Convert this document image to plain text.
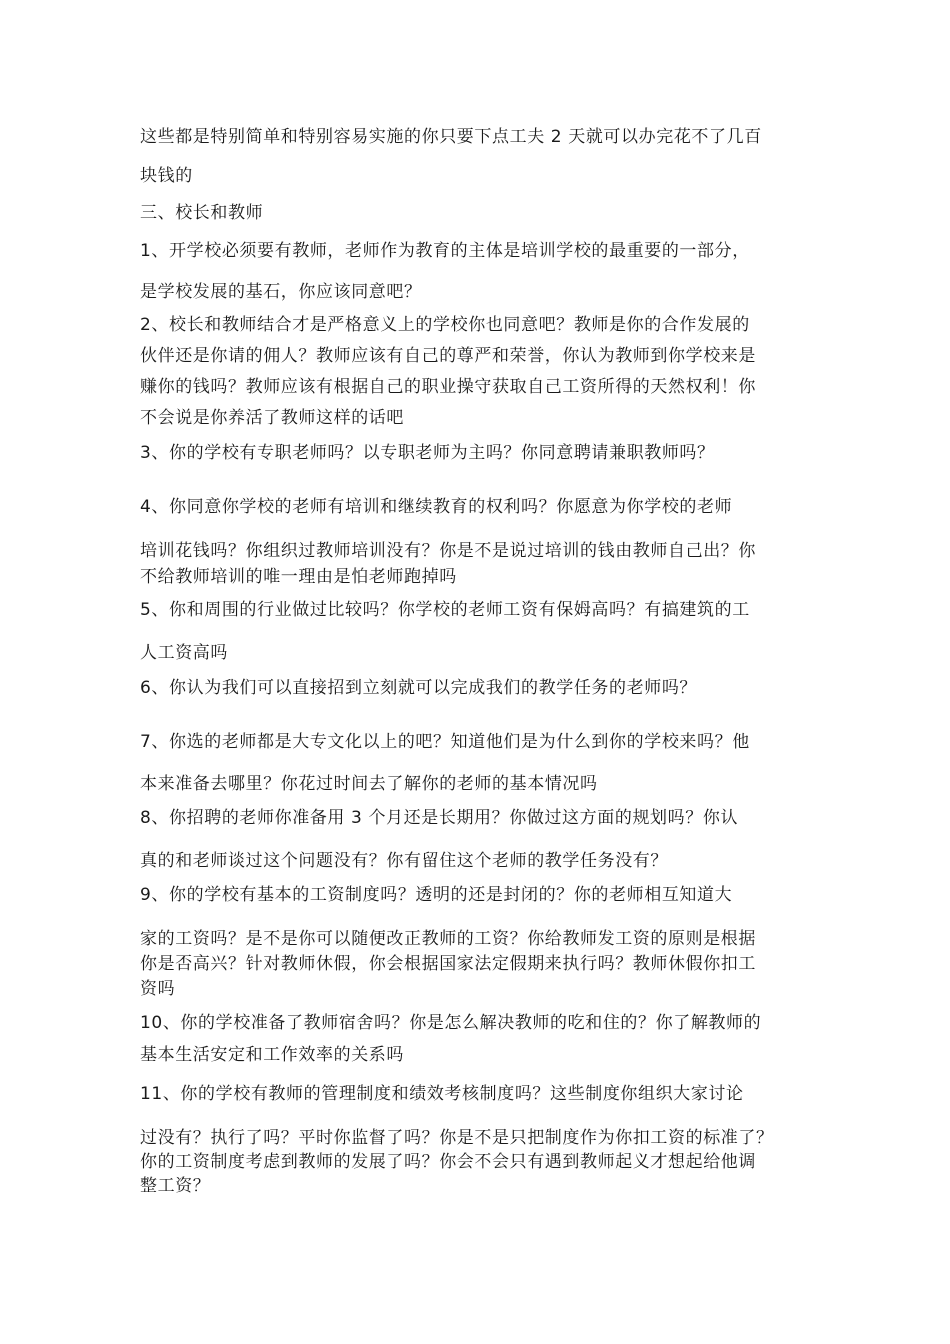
这些都是特别简单和特别容易实施的你只要下点工夫 2 天就可以办完花不了几百
块钱的
三、校长和教师
1、开学校必须要有教师，老师作为教育的主体是培训学校的最重要的一部分，
是学校发展的基石，你应该同意吧？
2、校长和教师结合才是严格意义上的学校你也同意吧？教师是你的合作发展的
伙伴还是你请的佣人？教师应该有自己的尊严和荣誉，你认为教师到你学校来是
赚你的钱吗？教师应该有根据自己的职业操守获取自己工资所得的天然权利！你
不会说是你养活了教师这样的话吧
3、你的学校有专职老师吗？以专职老师为主吗？你同意聘请兼职教师吗？
4、你同意你学校的老师有培训和继续教育的权利吗？你愿意为你学校的老师
培训花钱吗？你组织过教师培训没有？你是不是说过培训的钱由教师自己出？你
不给教师培训的唯一理由是怕老师跑掉吗
5、你和周围的行业做过比较吗？你学校的老师工资有保姆高吗？有搞建筑的工
人工资高吗
6、你认为我们可以直接招到立刻就可以完成我们的教学任务的老师吗？
7、你选的老师都是大专文化以上的吧？知道他们是为什么到你的学校来吗？他
本来准备去哪里？你花过时间去了解你的老师的基本情况吗
8、你招聘的老师你准备用 3 个月还是长期用？你做过这方面的规划吗？你认
真的和老师谈过这个问题没有？你有留住这个老师的教学任务没有？
9、你的学校有基本的工资制度吗？透明的还是封闭的？你的老师相互知道大
家的工资吗？是不是你可以随便改正教师的工资？你给教师发工资的原则是根据
你是否高兴？针对教师休假，你会根据国家法定假期来执行吗？教师休假你扣工
资吗
10、你的学校准备了教师宿舍吗？你是怎么解决教师的吃和住的？你了解教师的
基本生活安定和工作效率的关系吗
11、你的学校有教师的管理制度和绩效考核制度吗？这些制度你组织大家讨论
过没有？执行了吗？平时你监督了吗？你是不是只把制度作为你扣工资的标准了？
你的工资制度考虑到教师的发展了吗？你会不会只有遇到教师起义才想起给他调
整工资？
